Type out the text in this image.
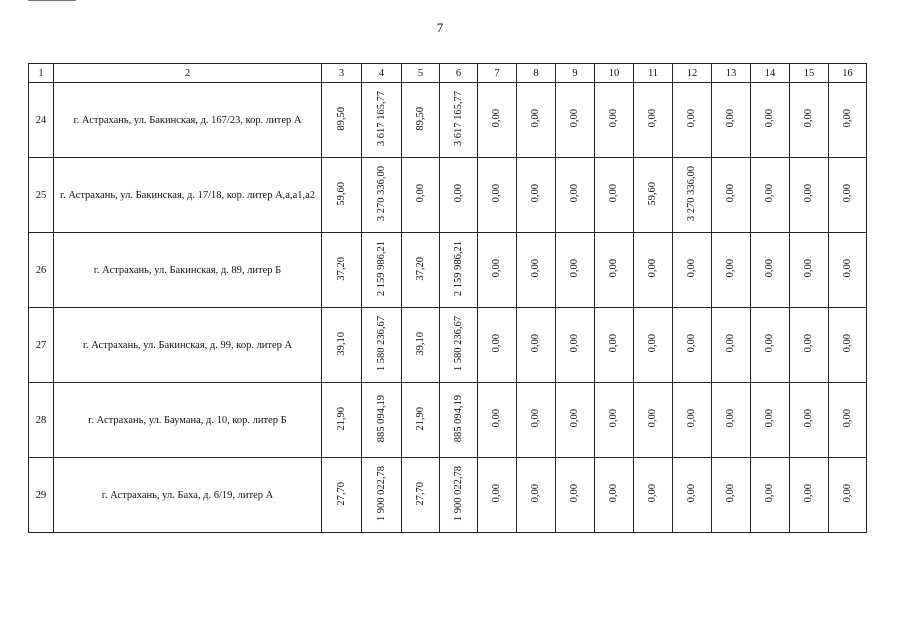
7
1	2	3	4	5	6	7	8	9	10	11	12	13	14	15	16
24	г. Астрахань, ул. Бакинская, д. 167/23, кор. литер А	89,50	3 617 165,77	89,50	3 617 165,77	0,00	0,00	0,00	0,00	0,00	0,00	0,00	0,00	0,00	0,00
25	г. Астрахань, ул. Бакинская, д. 17/18, кор. литер А,а,а1,а2	59,60	3 270 336,00	0,00	0,00	0,00	0,00	0,00	0,00	59,60	3 270 336,00	0,00	0,00	0,00	0,00
26	г. Астрахань, ул. Бакинская, д. 89, литер Б	37,20	2 159 986,21	37,20	2 159 986,21	0,00	0,00	0,00	0,00	0,00	0,00	0,00	0,00	0,00	0,00
27	г. Астрахань, ул. Бакинская, д. 99, кор. литер А	39,10	1 580 236,67	39,10	1 580 236,67	0,00	0,00	0,00	0,00	0,00	0,00	0,00	0,00	0,00	0,00
28	г. Астрахань, ул. Баумана, д. 10, кор. литер Б	21,90	885 094,19	21,90	885 094,19	0,00	0,00	0,00	0,00	0,00	0,00	0,00	0,00	0,00	0,00
29	г. Астрахань, ул. Баха, д. 6/19, литер А	27,70	1 900 022,78	27,70	1 900 022,78	0,00	0,00	0,00	0,00	0,00	0,00	0,00	0,00	0,00	0,00
